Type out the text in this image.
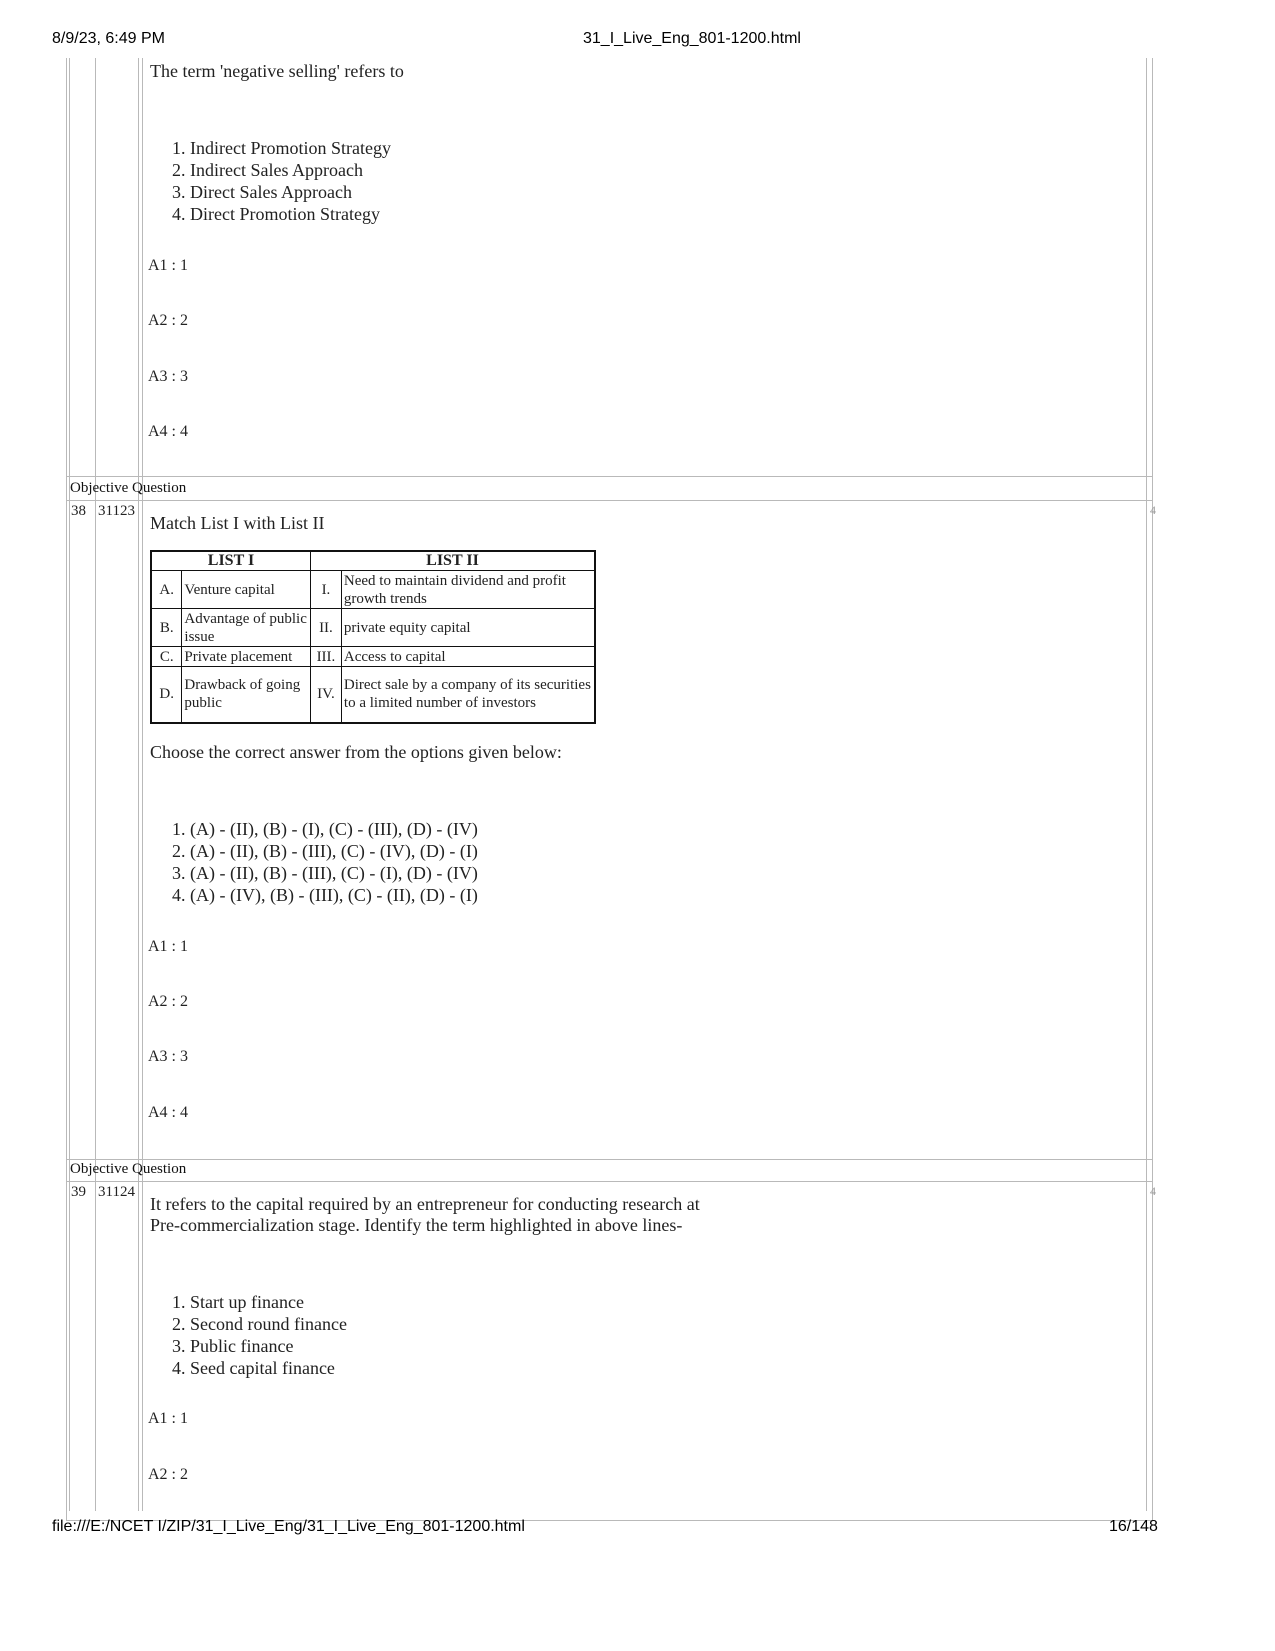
8/9/23, 6:49 PM	31_I_Live_Eng_801-1200.html
The term 'negative selling' refers to
1. Indirect Promotion Strategy
2. Indirect Sales Approach
3. Direct Sales Approach
4. Direct Promotion Strategy
A1 : 1
A2 : 2
A3 : 3
A4 : 4
Objective Question
38 31123	4
Match List I with List II
LIST I		LIST II	
A.	Venture capital	I.	Need to maintain dividend and profit growth trends
B.	Advantage of public issue	II.	private equity capital
C.	Private placement	III.	Access to capital
D.	Drawback of going public	IV.	Direct sale by a company of its securities to a limited number of investors
Choose the correct answer from the options given below:
1. (A) - (II), (B) - (I), (C) - (III), (D) - (IV)
2. (A) - (II), (B) - (III), (C) - (IV), (D) - (I)
3. (A) - (II), (B) - (III), (C) - (I), (D) - (IV)
4. (A) - (IV), (B) - (III), (C) - (II), (D) - (I)
A1 : 1
A2 : 2
A3 : 3
A4 : 4
Objective Question
39 31124	4
It refers to the capital required by an entrepreneur for conducting research at
Pre-commercialization stage. Identify the term highlighted in above lines-
1. Start up finance
2. Second round finance
3. Public finance
4. Seed capital finance
A1 : 1
A2 : 2
file:///E:/NCET I/ZIP/31_I_Live_Eng/31_I_Live_Eng_801-1200.html	16/148
